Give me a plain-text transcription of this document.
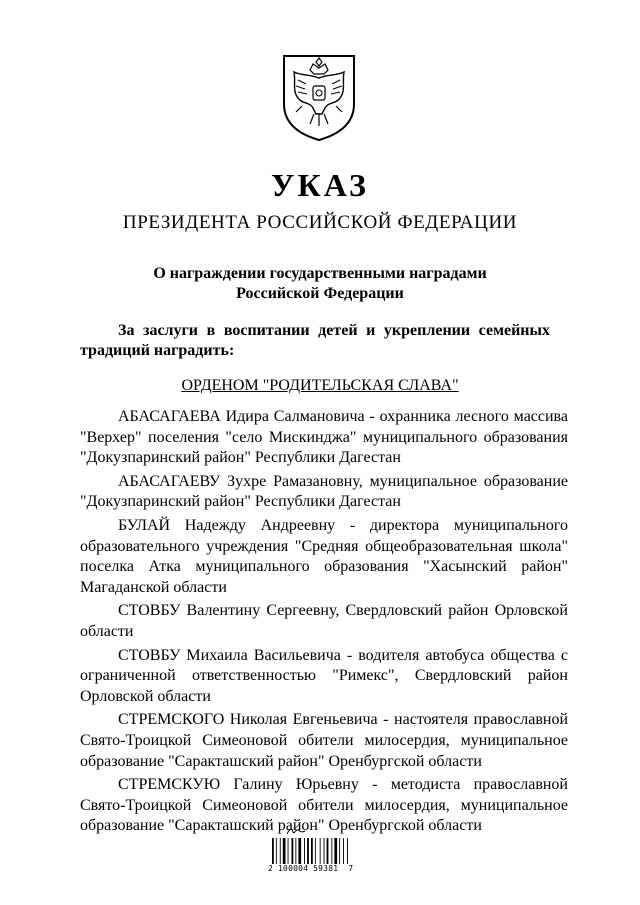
УКАЗ
ПРЕЗИДЕНТА РОССИЙСКОЙ ФЕДЕРАЦИИ
О награждении государственными наградами
Российской Федерации
За заслуги в воспитании детей и укреплении семейных традиций наградить:
ОРДЕНОМ "РОДИТЕЛЬСКАЯ СЛАВА"

АБАСАГАЕВА Идира Салмановича - охранника лесного массива "Верхер" поселения "село Мискинджа" муниципального образования "Докузпаринский район" Республики Дагестан

АБАСАГАЕВУ Зухре Рамазановну, муниципальное образование "Докузпаринский район" Республики Дагестан

БУЛАЙ Надежду Андреевну - директора муниципального образовательного учреждения "Средняя общеобразовательная школа" поселка Атка муниципального образования "Хасынский район" Магаданской области

СТОВБУ Валентину Сергеевну, Свердловский район Орловской области

СТОВБУ Михаила Васильевича - водителя автобуса общества с ограниченной ответственностью "Римекс", Свердловский район Орловской области

СТРЕМСКОГО Николая Евгеньевича - настоятеля православной Свято-Троицкой Симеоновой обители милосердия, муниципальное образование "Саракташский район" Оренбургской области

СТРЕМСКУЮ Галину Юрьевну - методиста православной Свято-Троицкой Симеоновой обители милосердия, муниципальное образование "Саракташский район" Оренбургской области

2 100004 59381  7
